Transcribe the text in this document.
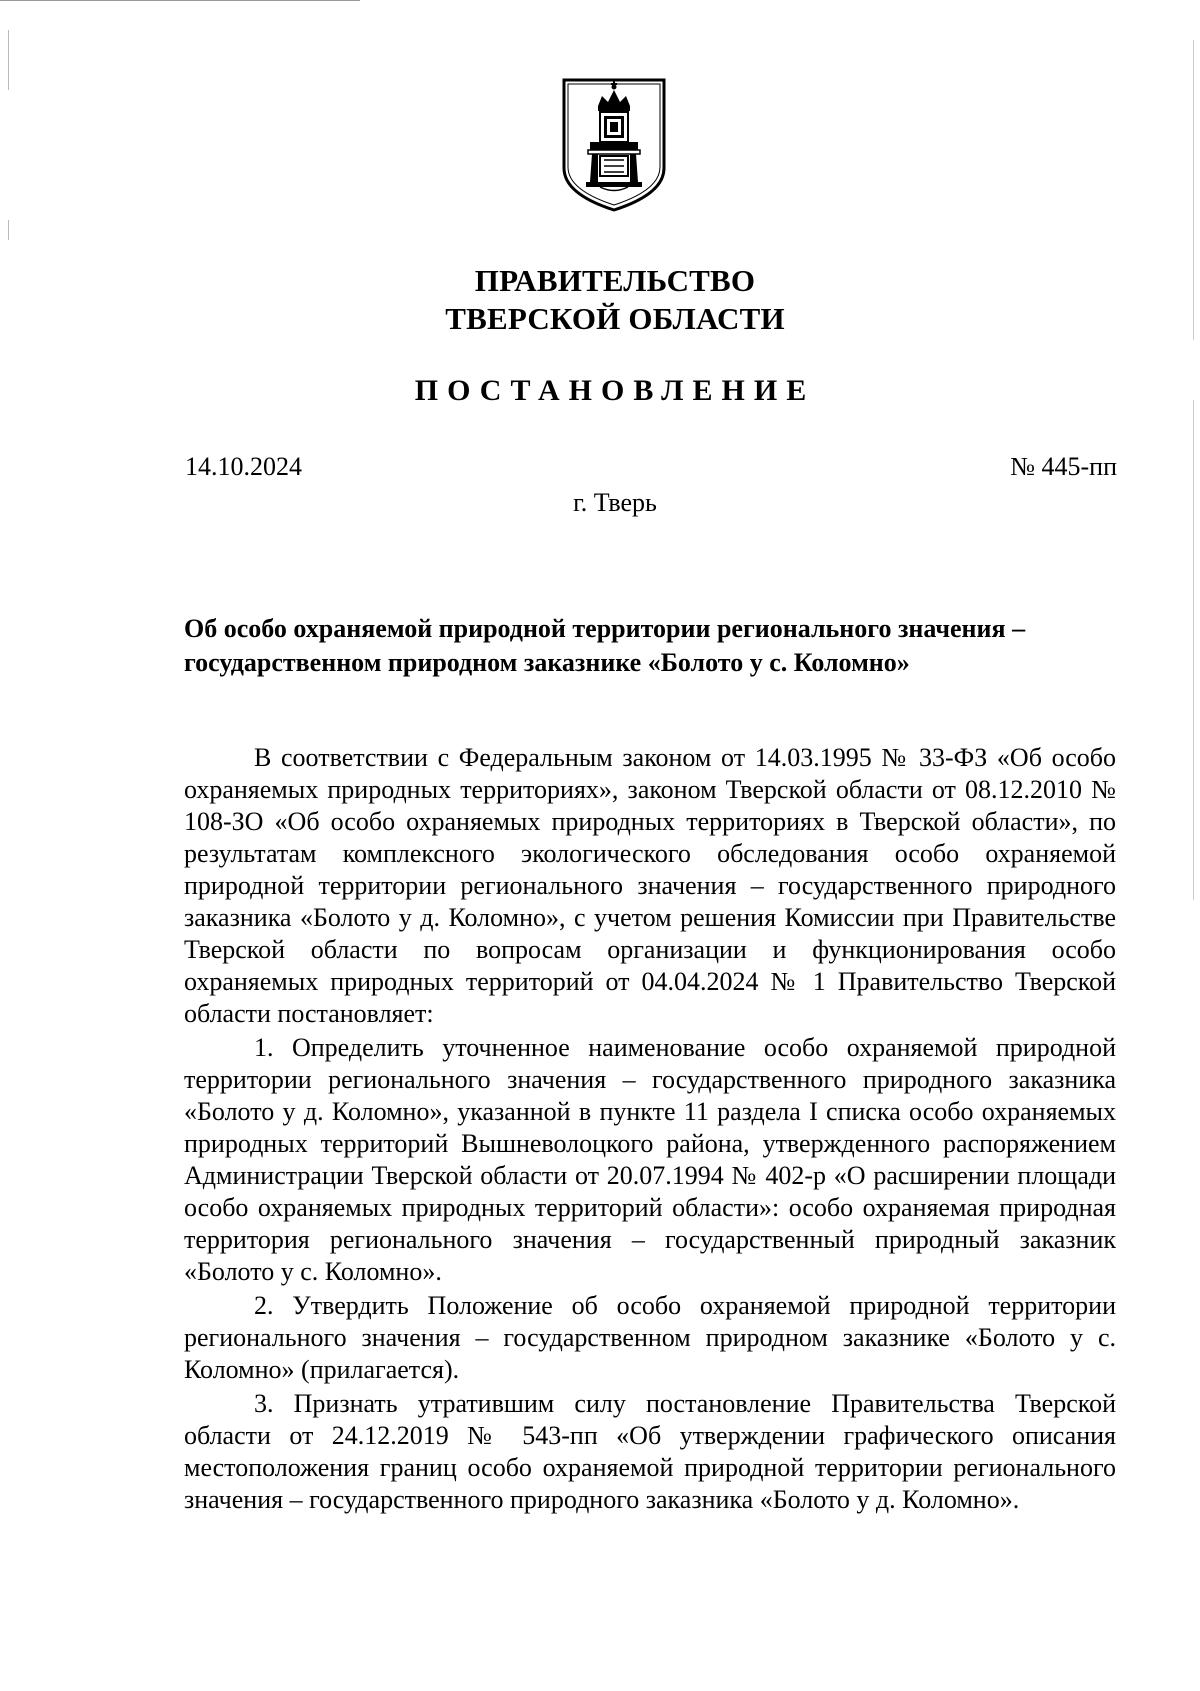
ПРАВИТЕЛЬСТВО
ТВЕРСКОЙ ОБЛАСТИ
ПОСТАНОВЛЕНИЕ
14.10.2024	№ 445-пп
г. Тверь
Об особо охраняемой природной территории регионального значения –
государственном природном заказнике «Болото у с. Коломно»

В соответствии с Федеральным законом от 14.03.1995 № 33-ФЗ «Об особо охраняемых природных территориях», законом Тверской области от 08.12.2010 № 108-ЗО «Об особо охраняемых природных территориях в Тверской области», по результатам комплексного экологического обследования особо охраняемой природной территории регионального значения – государственного природного заказника «Болото у д. Коломно», с учетом решения Комиссии при Правительстве Тверской области по вопросам организации и функционирования особо охраняемых природных территорий от 04.04.2024 № 1 Правительство Тверской области постановляет:

1. Определить уточненное наименование особо охраняемой природной территории регионального значения – государственного природного заказника «Болото у д. Коломно», указанной в пункте 11 раздела I списка особо охраняемых природных территорий Вышневолоцкого района, утвержденного распоряжением Администрации Тверской области от 20.07.1994 № 402-р «О расширении площади особо охраняемых природных территорий области»: особо охраняемая природная территория регионального значения – государственный природный заказник «Болото у с. Коломно».

2. Утвердить Положение об особо охраняемой природной территории регионального значения – государственном природном заказнике «Болото у с. Коломно» (прилагается).

3. Признать утратившим силу постановление Правительства Тверской области от 24.12.2019 № 543-пп «Об утверждении графического описания местоположения границ особо охраняемой природной территории регионального значения – государственного природного заказника «Болото у д. Коломно».
